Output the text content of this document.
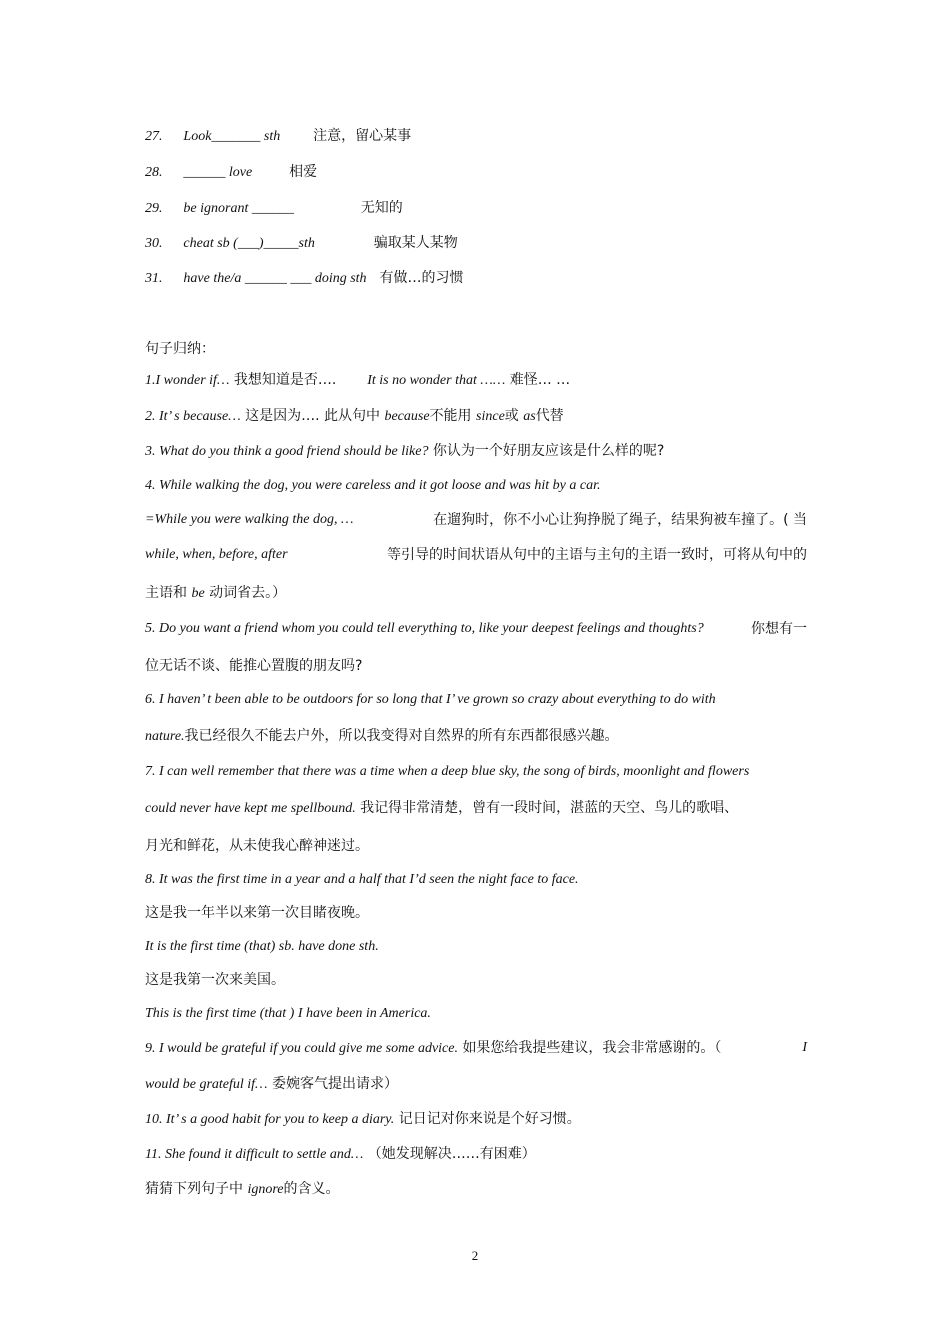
27. Look_______ sth 注意，留心某事
28. ______ love	相爱
29. be ignorant ______	无知的
30. cheat sb (___)_____sth	骗取某人某物
31. have the/a ______ ___ doing sth 有做…的习惯
句子归纳：
1.I wonder if… 我想知道是否…. It is no wonder that …… 难怪… …
2. It’ s because… 这是因为…. 此从句中 because不能用 since或 as代替
3. What do you think a good friend should be like? 你认为一个好朋友应该是什么样的呢?
4. While walking the dog, you were careless and it got loose and was hit by a car.
=While you were walking the dog, …	在遛狗时，你不小心让狗挣脱了绳子，结果狗被车撞了。( 当
while, when, before, after	等引导的时间状语从句中的主语与主句的主语一致时，可将从句中的
主语和 be 动词省去。）
5. Do you want a friend whom you could tell everything to, like your deepest feelings and thoughts?	你想有一
位无话不谈、能推心置腹的朋友吗?
6. I haven’ t been able to be outdoors for so long that I’ ve grown so crazy about everything to do with
nature.我已经很久不能去户外，所以我变得对自然界的所有东西都很感兴趣。
7. I can well remember that there was a time when a deep blue sky, the song of birds, moonlight and flowers
could never have kept me spellbound. 我记得非常清楚，曾有一段时间，湛蓝的天空、鸟儿的歌唱、
月光和鲜花，从未使我心醉神迷过。
8. It was the first time in a year and a half that I’d seen the night face to face.
这是我一年半以来第一次目睹夜晚。
It is the first time (that) sb. have done sth.
这是我第一次来美国。
This is the first time (that ) I have been in America.
9. I would be grateful if you could give me some advice. 如果您给我提些建议，我会非常感谢的。（	I
would be grateful if… 委婉客气提出请求）
10. It’ s a good habit for you to keep a diary. 记日记对你来说是个好习惯。
11. She found it difficult to settle and… （她发现解决……有困难）
猜猜下列句子中 ignore的含义。
2
